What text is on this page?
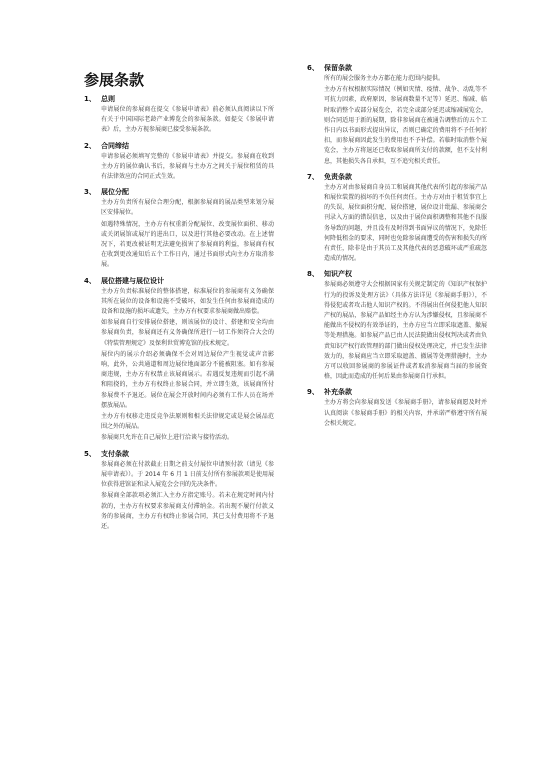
参展条款
1、 总则
申请展位的参展商在提交《参展申请表》前必须认真阅读以下所有关于中国国际老龄产业博览会的参展条款。如提交《参展申请表》后，主办方视参展商已接受参展条款。
2、 合同缔结
申请参展必须填写完整的《参展申请表》并提交。参展商在收到主办方的展位确认书后，参展商与主办方之间关于展位租赁的具有法律效应的合同正式生效。
3、 展位分配
主办方负责所有展位合理分配，根据参展商的展品类型来划分展区安排展位。
如遇特殊情况，主办方有权重新分配展位、改变展位面积、移动或关闭展馆或展厅的进出口，以及进行其他必要改动。在上述情况下，若更改被证明无法避免损害了参展商的利益，参展商有权在收到更改通知后五个工作日内，通过书面形式向主办方取消参展。
4、 展位搭建与展位设计
主办方负责标准展位的整体搭建，标准展位的参展商有义务确保其所在展位的设备和设施不受破坏，如发生任何由参展商造成的设备和设施的损坏或遗失，主办方有权要求参展商做出赔偿。
如参展商自行安排展位搭建，则该展位的设计、搭建和安全均由参展商负责，参展商还有义务确保所进行一切工作须符合大会的《特装管理规定》及保利世贸博览馆的技术规定。
展位内的展示介绍必须确保不会对周边展位产生视觉或声音影响，此外，公共通道和周边展位地面部分不能被阻塞。如有参展商违规，主办方有权禁止该展商展示。若遇反复违规而引起不满和阻挠的，主办方有权终止参展合同，并立即生效，该展商所付参展费不予退还。展位在展会开放时间内必须有工作人员在场并摆放展品。
主办方有权移走违反竞争法原则和相关法律规定或是展会展品范围之外的展品。
参展商只允许在自己展位上进行洽谈与接待活动。
5、 支付条款
参展商必须在付款截止日期之前支付展位申请预付款（请见《参展申请表》）。于 2014 年 6 月 1 日前支付所有参展款项是使用展位获得进馆证和录入展览会会刊的先决条件。
参展商全部款项必须汇入主办方指定账号。若未在规定时间内付款的，主办方有权要求参展商支付滞纳金。若出现不履行付款义务的参展商，主办方有权终止参展合同，其已支付费用将不予退还。
6、 保留条款
所有的展会服务主办方都在能力范围内提供。
主办方有权根据实际情况（例如灾情、疫情、战争、动乱等不可抗力因素，政府原因，参展商数量不足等）延迟、缩减、临时取消整个或部分展览会，若完全或部分延迟或缩减展览会，则合同适用于新的展期，除非参展商在被通告调整后的五个工作日内以书面形式提出异议，否则已确定的费用将不予任何折扣，而参展商因此发生的费用也不予补偿。若临时取消整个展览会，主办方将退还已收取参展商所支付的款额，但不支付利息，其他损失各自承担，互不追究相关责任。
7、 免责条款
主办方对由参展商自身员工和展商其他代表所引起的参展产品和展位装置的损坏的不负任何责任。主办方对由于租赁事宜上的失误，展位面积分配、展位搭建，展位设计纰漏、参展商会刊录入方面的错误信息，以及由于展位面积调整和其他不良服务导致的问题，并且没有及时得到书面异议的情况下，免除任何降低租金的要求，同时也免除参展商遭受的伤害和损失的所有责任，除非是由于其员工及其他代表的恶意破坏或严重疏忽造成的情况。
8、 知识产权
参展商必须遵守大会根据国家有关规定制定的《知识产权保护行为的投诉及处理方法》（具体方法详见《参展商手册》），不得侵犯或者攻击他人知识产权的。不得展出任何侵犯他人知识产权的展品，参展产品如经主办方认为涉嫌侵权，且参展商不能做出不侵权的有效举证的，主办方应当立即采取遮盖、撤展等处理措施。如参展产品已由人民法院做出侵权判决或者由负责知识产权行政管理的部门做出侵权处理决定，并已发生法律效力的，参展商应当立即采取遮盖、撤展等处理措施时，主办方可以收回参展商的参展证件或者取消参展商当届的参展资格，因此而造成的任何后果由参展商自行承担。
9、 补充条款
主办方将会向参展商发送《参展商手册》，请参展商愿及时并认真阅读《参展商手册》的相关内容，并承诺严格遵守所有展会相关规定。
